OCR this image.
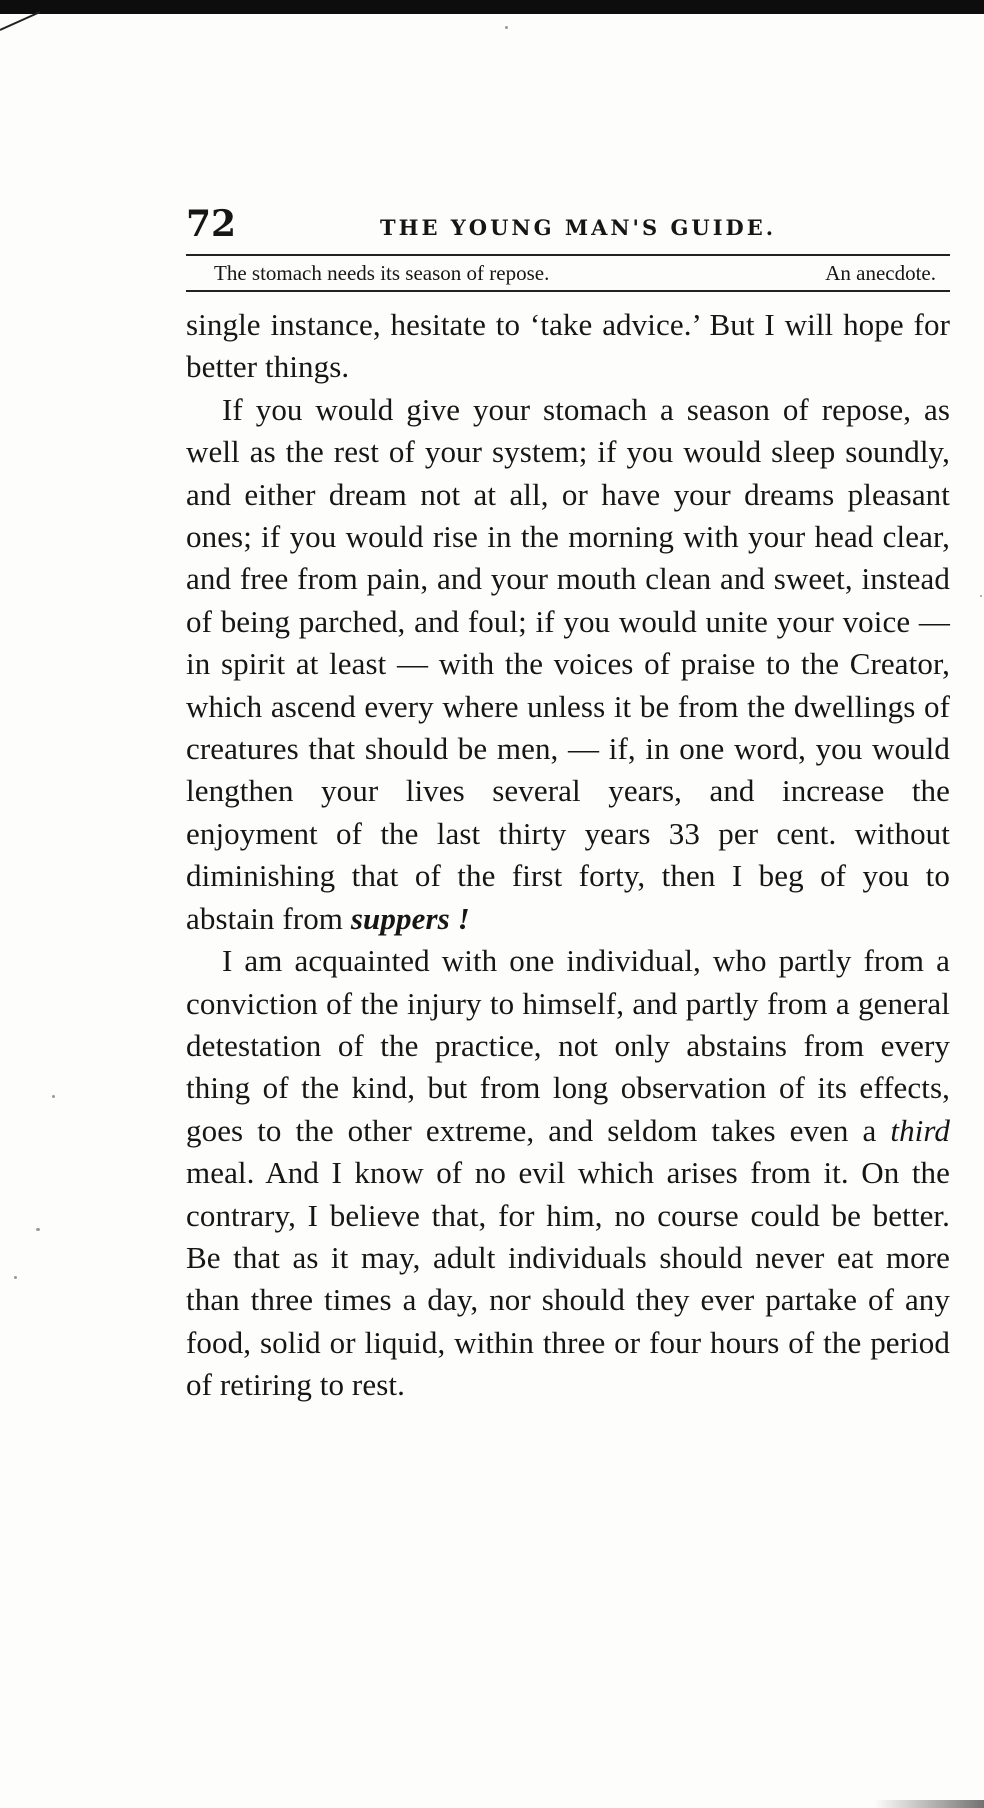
72	THE YOUNG MAN'S GUIDE.
The stomach needs its season of repose.	An anecdote.

single instance, hesitate to ‘take advice.’ But I will hope for better things.

If you would give your stomach a season of repose, as well as the rest of your system; if you would sleep soundly, and either dream not at all, or have your dreams pleasant ones; if you would rise in the morning with your head clear, and free from pain, and your mouth clean and sweet, instead of being parched, and foul; if you would unite your voice — in spirit at least — with the voices of praise to the Creator, which ascend every where unless it be from the dwellings of creatures that should be men, — if, in one word, you would lengthen your lives several years, and increase the enjoyment of the last thirty years 33 per cent. without diminishing that of the first forty, then I beg of you to abstain from suppers !

I am acquainted with one individual, who partly from a conviction of the injury to himself, and partly from a general detestation of the practice, not only abstains from every thing of the kind, but from long observation of its effects, goes to the other extreme, and seldom takes even a third meal. And I know of no evil which arises from it. On the contrary, I believe that, for him, no course could be better. Be that as it may, adult individuals should never eat more than three times a day, nor should they ever partake of any food, solid or liquid, within three or four hours of the period of retiring to rest.
